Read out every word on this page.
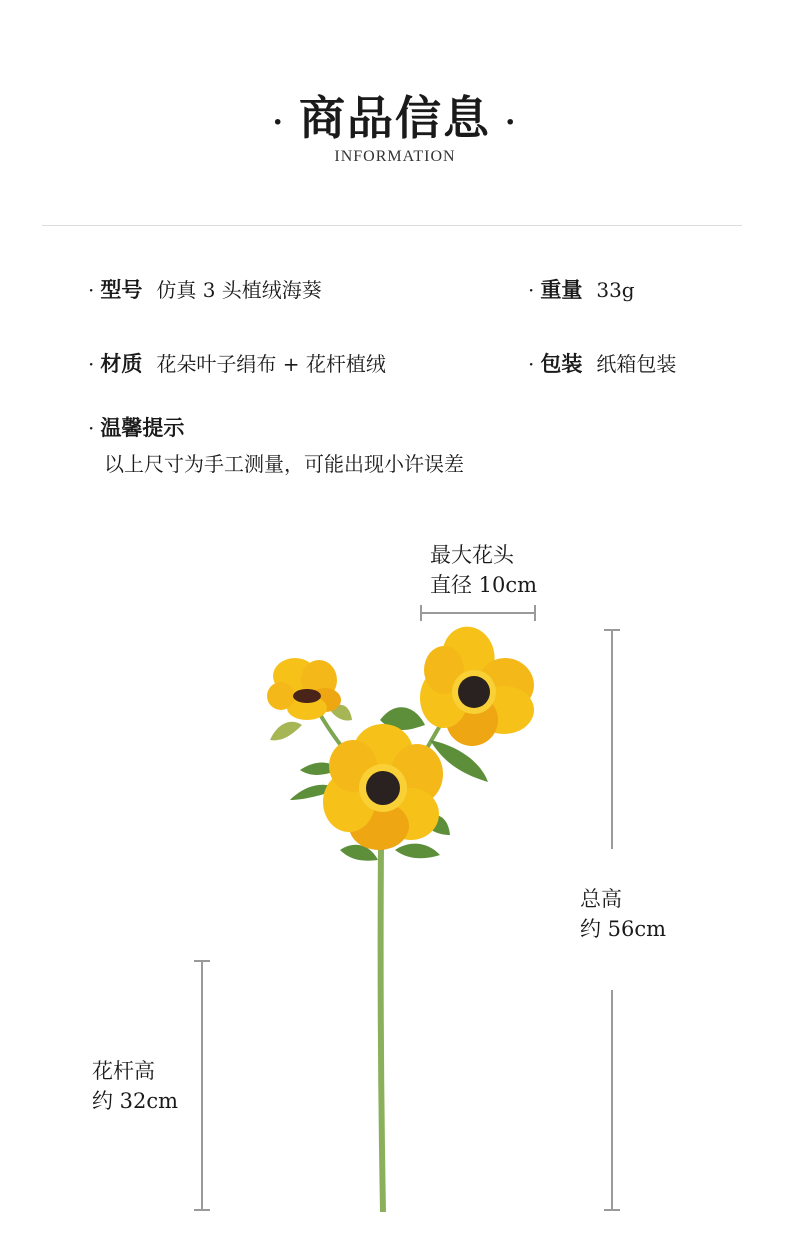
· 商品信息 ·
INFORMATION
· 型号 仿真 3 头植绒海葵	· 重量 33g
· 材质 花朵叶子绢布 + 花杆植绒	· 包装 纸箱包装
· 温馨提示
以上尺寸为手工测量，可能出现小许误差
最大花头
直径 10cm
总高
约 56cm
花杆高
约 32cm
